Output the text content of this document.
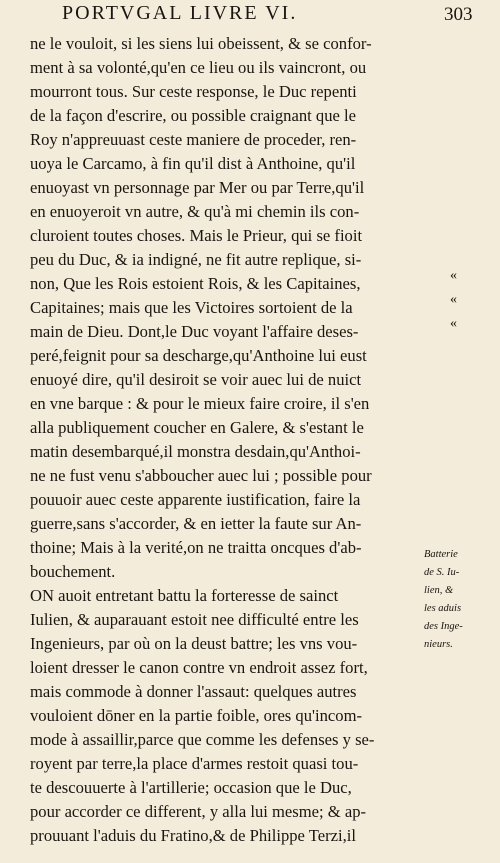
PORTVGAL LIVRE VI.	303
ne le vouloit, si les siens lui obeissent, & se confor-
ment à sa volonté,qu'en ce lieu ou ils vaincront, ou
mourront tous. Sur ceste response, le Duc repenti
de la façon d'escrire, ou possible craignant que le
Roy n'appreuuast ceste maniere de proceder, ren-
uoya le Carcamo, à fin qu'il dist à Anthoine, qu'il
enuoyast vn personnage par Mer ou par Terre,qu'il
en enuoyeroit vn autre, & qu'à mi chemin ils con-
cluroient toutes choses. Mais le Prieur, qui se fioit
peu du Duc, & ia indigné, ne fit autre replique, si-
non, Que les Rois estoient Rois, & les Capitaines,
Capitaines; mais que les Victoires sortoient de la
main de Dieu. Dont,le Duc voyant l'affaire deses-
peré,feignit pour sa descharge,qu'Anthoine lui eust
enuoyé dire, qu'il desiroit se voir auec lui de nuict
en vne barque : & pour le mieux faire croire, il s'en
alla publiquement coucher en Galere, & s'estant le
matin desembarqué,il monstra desdain,qu'Anthoi-
ne ne fust venu s'abboucher auec lui ; possible pour
pouuoir auec ceste apparente iustification, faire la
guerre,sans s'accorder, & en ietter la faute sur An-
thoine; Mais à la verité,on ne traitta oncques d'ab-
bouchement.
ON auoit entretant battu la forteresse de sainct
Iulien, & auparauant estoit nee difficulté entre les
Ingenieurs, par où on la deust battre; les vns vou-
loient dresser le canon contre vn endroit assez fort,
mais commode à donner l'assaut: quelques autres
vouloient dōner en la partie foible, ores qu'incom-
mode à assaillir,parce que comme les defenses y se-
royent par terre,la place d'armes restoit quasi tou-
te descouuerte à l'artillerie; occasion que le Duc,
pour accorder ce different, y alla lui mesme; & ap-
prouuant l'aduis du Fratino,& de Philippe Terzi,il
«
«
«
Batterie
de S. Iu-
lien, &
les aduis
des Inge-
nieurs.
